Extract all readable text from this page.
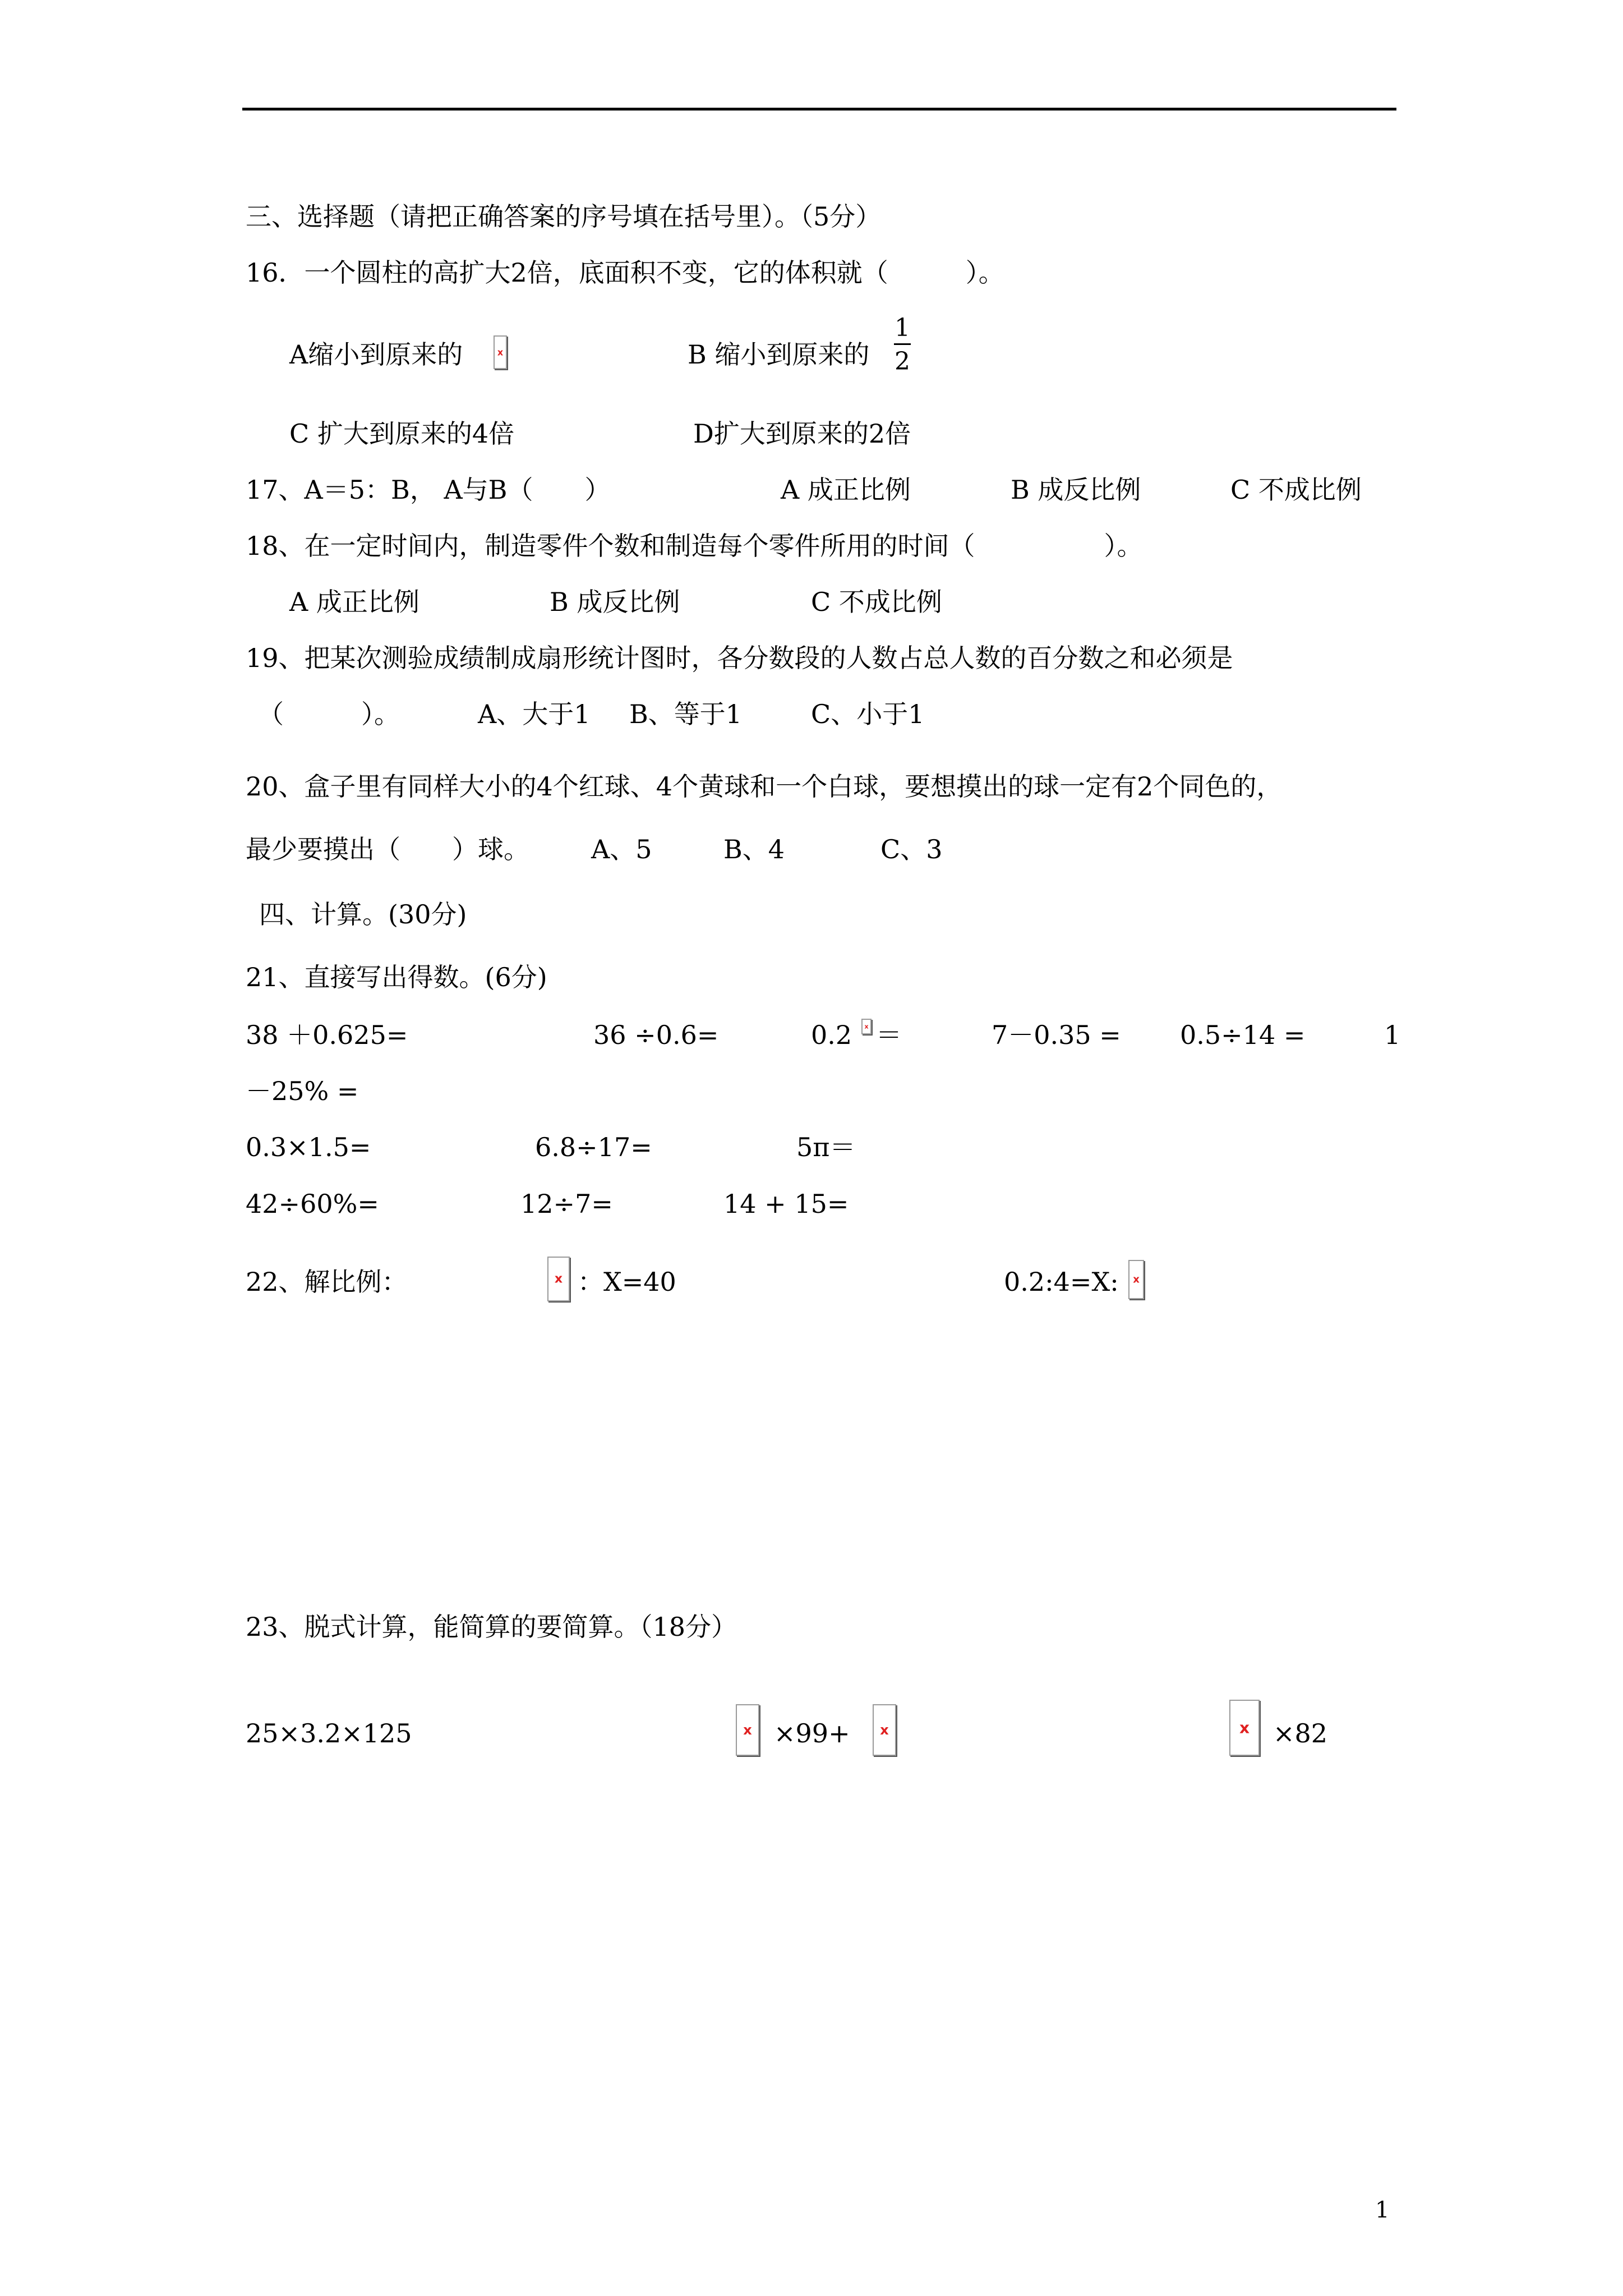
三、选择题（请把正确答案的序号填在括号里）。（5分）
16．一个圆柱的高扩大2倍，底面积不变，它的体积就（　　　）。
A缩小到原来的	x	B 缩小到原来的
1
2
C 扩大到原来的4倍	D扩大到原来的2倍
17、A＝5：B， A与B（　　）	A 成正比例	B 成反比例	C 不成比例
18、在一定时间内，制造零件个数和制造每个零件所用的时间（　　　　　）。
A 成正比例	B 成反比例	C 不成比例
19、把某次测验成绩制成扇形统计图时，各分数段的人数占总人数的百分数之和必须是
（　　　）。	A、大于1 B、等于1	C、小于1
20、盒子里有同样大小的4个红球、4个黄球和一个白球，要想摸出的球一定有2个同色的，
最少要摸出（　　）球。 A、5	B、4	C、3
四、计算。(30分)
21、直接写出得数。(6分)
38 ＋0.625=	36 ÷0.6=	0.2	x ＝	7－0.35 = 0.5÷14 =	1
－25% =
0.3×1.5=	6.8÷17=	5π＝
42÷60%=	12÷7=	14 + 15=
22、解比例：	x ：X=40	0.2:4=X:	x
23、脱式计算，能简算的要简算。（18分）
25×3.2×125	x ×99+	x	x ×82
1
